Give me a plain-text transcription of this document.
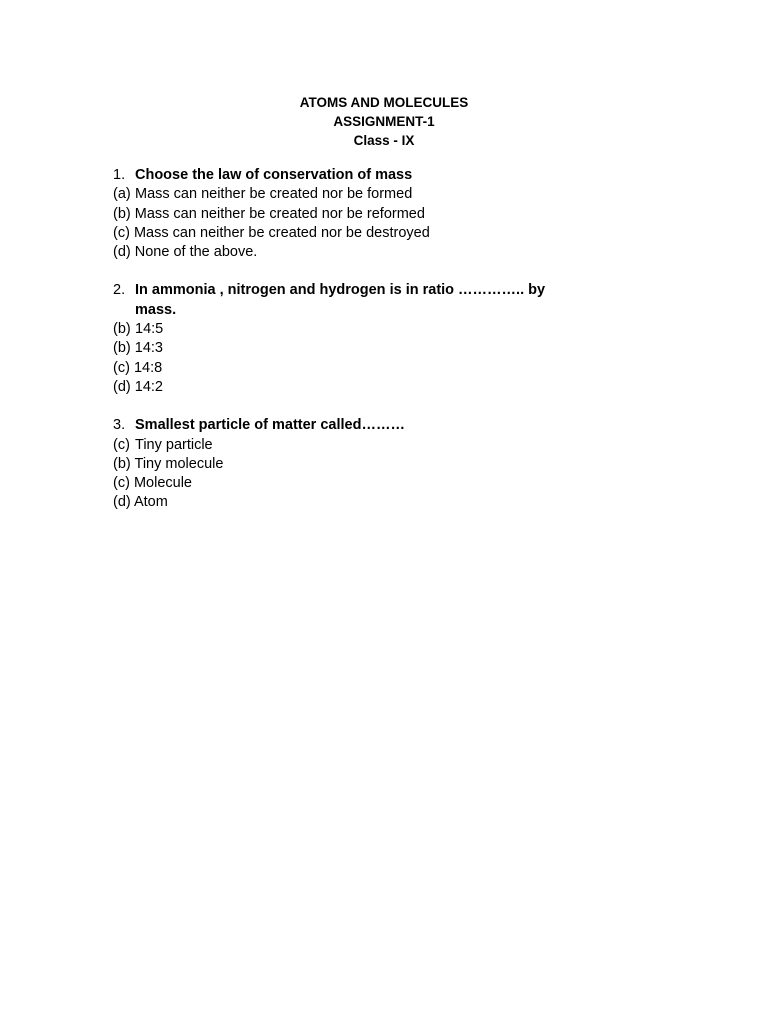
ATOMS AND MOLECULES
ASSIGNMENT-1
Class - IX
1. Choose the law of conservation of mass
(a) Mass can neither be created nor be formed
(b) Mass can neither be created nor be reformed
(c) Mass can neither be created nor be destroyed
(d) None of the above.
2. In ammonia , nitrogen and hydrogen is in ratio ………….. by mass.
(b) 14:5
(b) 14:3
(c) 14:8
(d) 14:2
3. Smallest particle of matter called………
(c) Tiny particle
(b) Tiny molecule
(c) Molecule
(d) Atom
